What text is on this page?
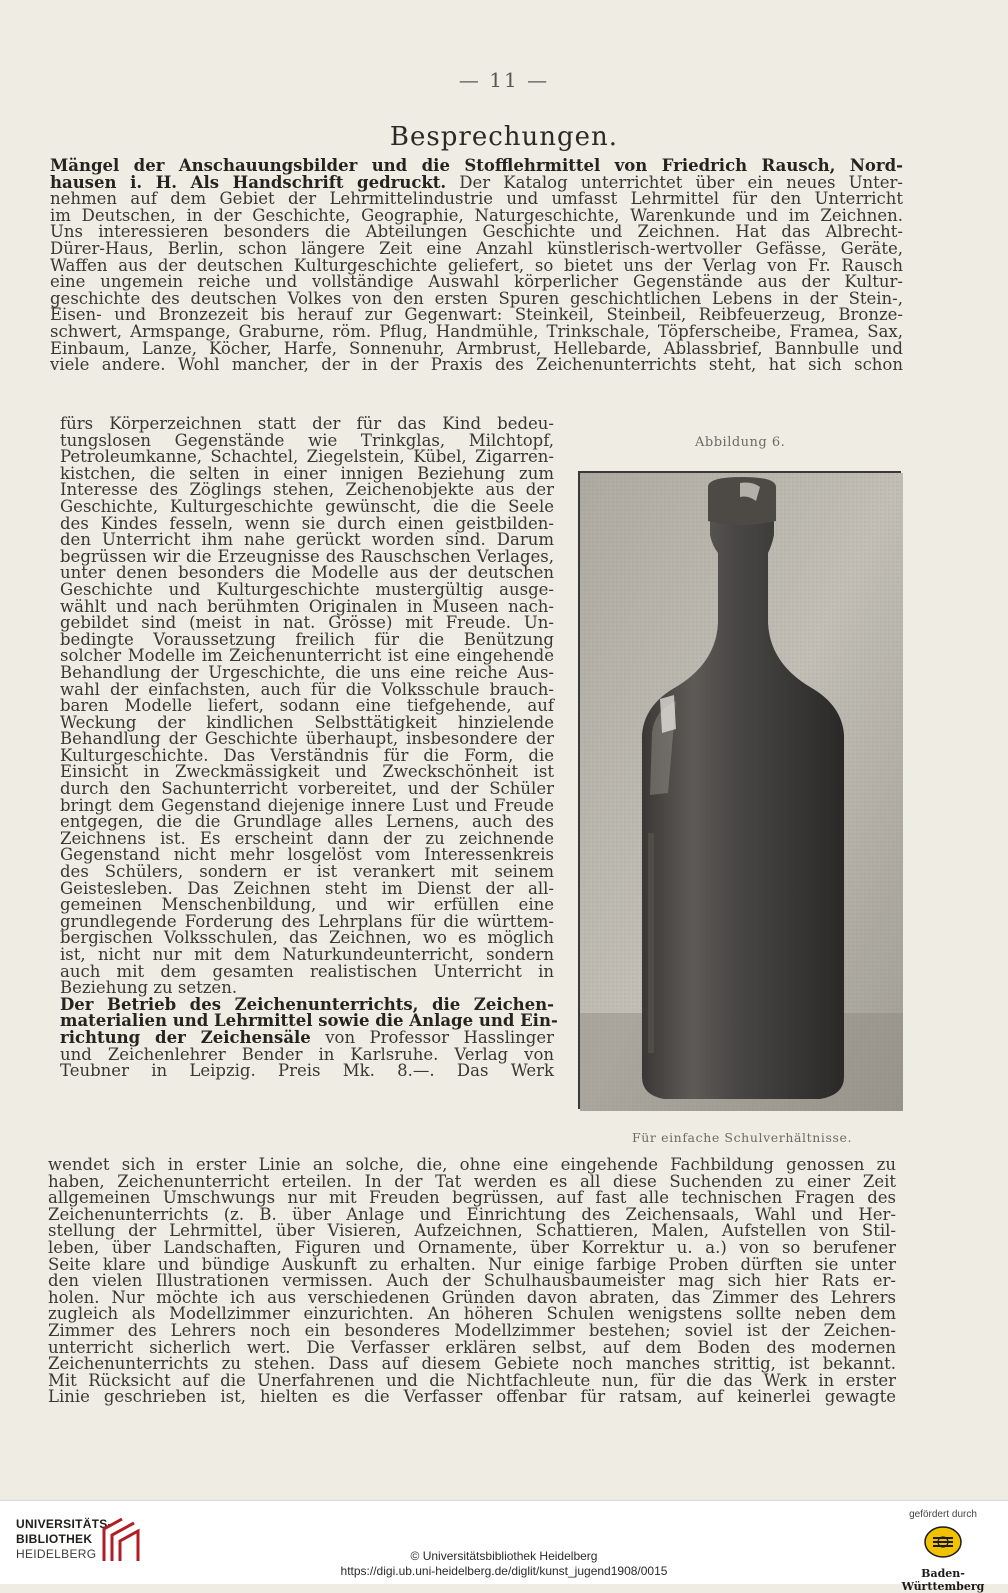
— 11 —
Besprechungen.
Mängel der Anschauungsbilder und die Stofflehrmittel von Friedrich Rausch, Nord-
hausen i. H. Als Handschrift gedruckt. Der Katalog unterrichtet über ein neues Unter-
nehmen auf dem Gebiet der Lehrmittelindustrie und umfasst Lehrmittel für den Unterricht
im Deutschen, in der Geschichte, Geographie, Naturgeschichte, Warenkunde und im Zeichnen.
Uns interessieren besonders die Abteilungen Geschichte und Zeichnen. Hat das Albrecht-
Dürer-Haus, Berlin, schon längere Zeit eine Anzahl künstlerisch-wertvoller Gefässe, Geräte,
Waffen aus der deutschen Kulturgeschichte geliefert, so bietet uns der Verlag von Fr. Rausch
eine ungemein reiche und vollständige Auswahl körperlicher Gegenstände aus der Kultur-
geschichte des deutschen Volkes von den ersten Spuren geschichtlichen Lebens in der Stein-,
Eisen- und Bronzezeit bis herauf zur Gegenwart: Steinkeil, Steinbeil, Reibfeuerzeug, Bronze-
schwert, Armspange, Graburne, röm. Pflug, Handmühle, Trinkschale, Töpferscheibe, Framea, Sax,
Einbaum, Lanze, Köcher, Harfe, Sonnenuhr, Armbrust, Hellebarde, Ablassbrief, Bannbulle und
viele andere. Wohl mancher, der in der Praxis des Zeichenunterrichts steht, hat sich schon
fürs Körperzeichnen statt der für das Kind bedeu-
tungslosen Gegenstände wie Trinkglas, Milchtopf,
Petroleumkanne, Schachtel, Ziegelstein, Kübel, Zigarren-
kistchen, die selten in einer innigen Beziehung zum
Interesse des Zöglings stehen, Zeichenobjekte aus der
Geschichte, Kulturgeschichte gewünscht, die die Seele
des Kindes fesseln, wenn sie durch einen geistbilden-
den Unterricht ihm nahe gerückt worden sind. Darum
begrüssen wir die Erzeugnisse des Rauschschen Verlages,
unter denen besonders die Modelle aus der deutschen
Geschichte und Kulturgeschichte mustergültig ausge-
wählt und nach berühmten Originalen in Museen nach-
gebildet sind (meist in nat. Grösse) mit Freude. Un-
bedingte Voraussetzung freilich für die Benützung
solcher Modelle im Zeichenunterricht ist eine eingehende
Behandlung der Urgeschichte, die uns eine reiche Aus-
wahl der einfachsten, auch für die Volksschule brauch-
baren Modelle liefert, sodann eine tiefgehende, auf
Weckung der kindlichen Selbsttätigkeit hinzielende
Behandlung der Geschichte überhaupt, insbesondere der
Kulturgeschichte. Das Verständnis für die Form, die
Einsicht in Zweckmässigkeit und Zweckschönheit ist
durch den Sachunterricht vorbereitet, und der Schüler
bringt dem Gegenstand diejenige innere Lust und Freude
entgegen, die die Grundlage alles Lernens, auch des
Zeichnens ist. Es erscheint dann der zu zeichnende
Gegenstand nicht mehr losgelöst vom Interessenkreis
des Schülers, sondern er ist verankert mit seinem
Geistesleben. Das Zeichnen steht im Dienst der all-
gemeinen Menschenbildung, und wir erfüllen eine
grundlegende Forderung des Lehrplans für die württem-
bergischen Volksschulen, das Zeichnen, wo es möglich
ist, nicht nur mit dem Naturkundeunterricht, sondern
auch mit dem gesamten realistischen Unterricht in
Beziehung zu setzen.
Der Betrieb des Zeichenunterrichts, die Zeichen-
materialien und Lehrmittel sowie die Anlage und Ein-
richtung der Zeichensäle von Professor Hasslinger
und Zeichenlehrer Bender in Karlsruhe. Verlag von
Teubner in Leipzig. Preis Mk. 8.—. Das Werk
Abbildung 6.
Für einfache Schulverhältnisse.
wendet sich in erster Linie an solche, die, ohne eine eingehende Fachbildung genossen zu
haben, Zeichenunterricht erteilen. In der Tat werden es all diese Suchenden zu einer Zeit
allgemeinen Umschwungs nur mit Freuden begrüssen, auf fast alle technischen Fragen des
Zeichenunterrichts (z. B. über Anlage und Einrichtung des Zeichensaals, Wahl und Her-
stellung der Lehrmittel, über Visieren, Aufzeichnen, Schattieren, Malen, Aufstellen von Stil-
leben, über Landschaften, Figuren und Ornamente, über Korrektur u. a.) von so berufener
Seite klare und bündige Auskunft zu erhalten. Nur einige farbige Proben dürften sie unter
den vielen Illustrationen vermissen. Auch der Schulhausbaumeister mag sich hier Rats er-
holen. Nur möchte ich aus verschiedenen Gründen davon abraten, das Zimmer des Lehrers
zugleich als Modellzimmer einzurichten. An höheren Schulen wenigstens sollte neben dem
Zimmer des Lehrers noch ein besonderes Modellzimmer bestehen; soviel ist der Zeichen-
unterricht sicherlich wert. Die Verfasser erklären selbst, auf dem Boden des modernen
Zeichenunterrichts zu stehen. Dass auf diesem Gebiete noch manches strittig, ist bekannt.
Mit Rücksicht auf die Unerfahrenen und die Nichtfachleute nun, für die das Werk in erster
Linie geschrieben ist, hielten es die Verfasser offenbar für ratsam, auf keinerlei gewagte
UNIVERSITÄTS-
BIBLIOTHEK
HEIDELBERG	© Universitätsbibliothek Heidelberg
https://digi.ub.uni-heidelberg.de/diglit/kunst_jugend1908/0015
gefördert durch
Baden-Württemberg
